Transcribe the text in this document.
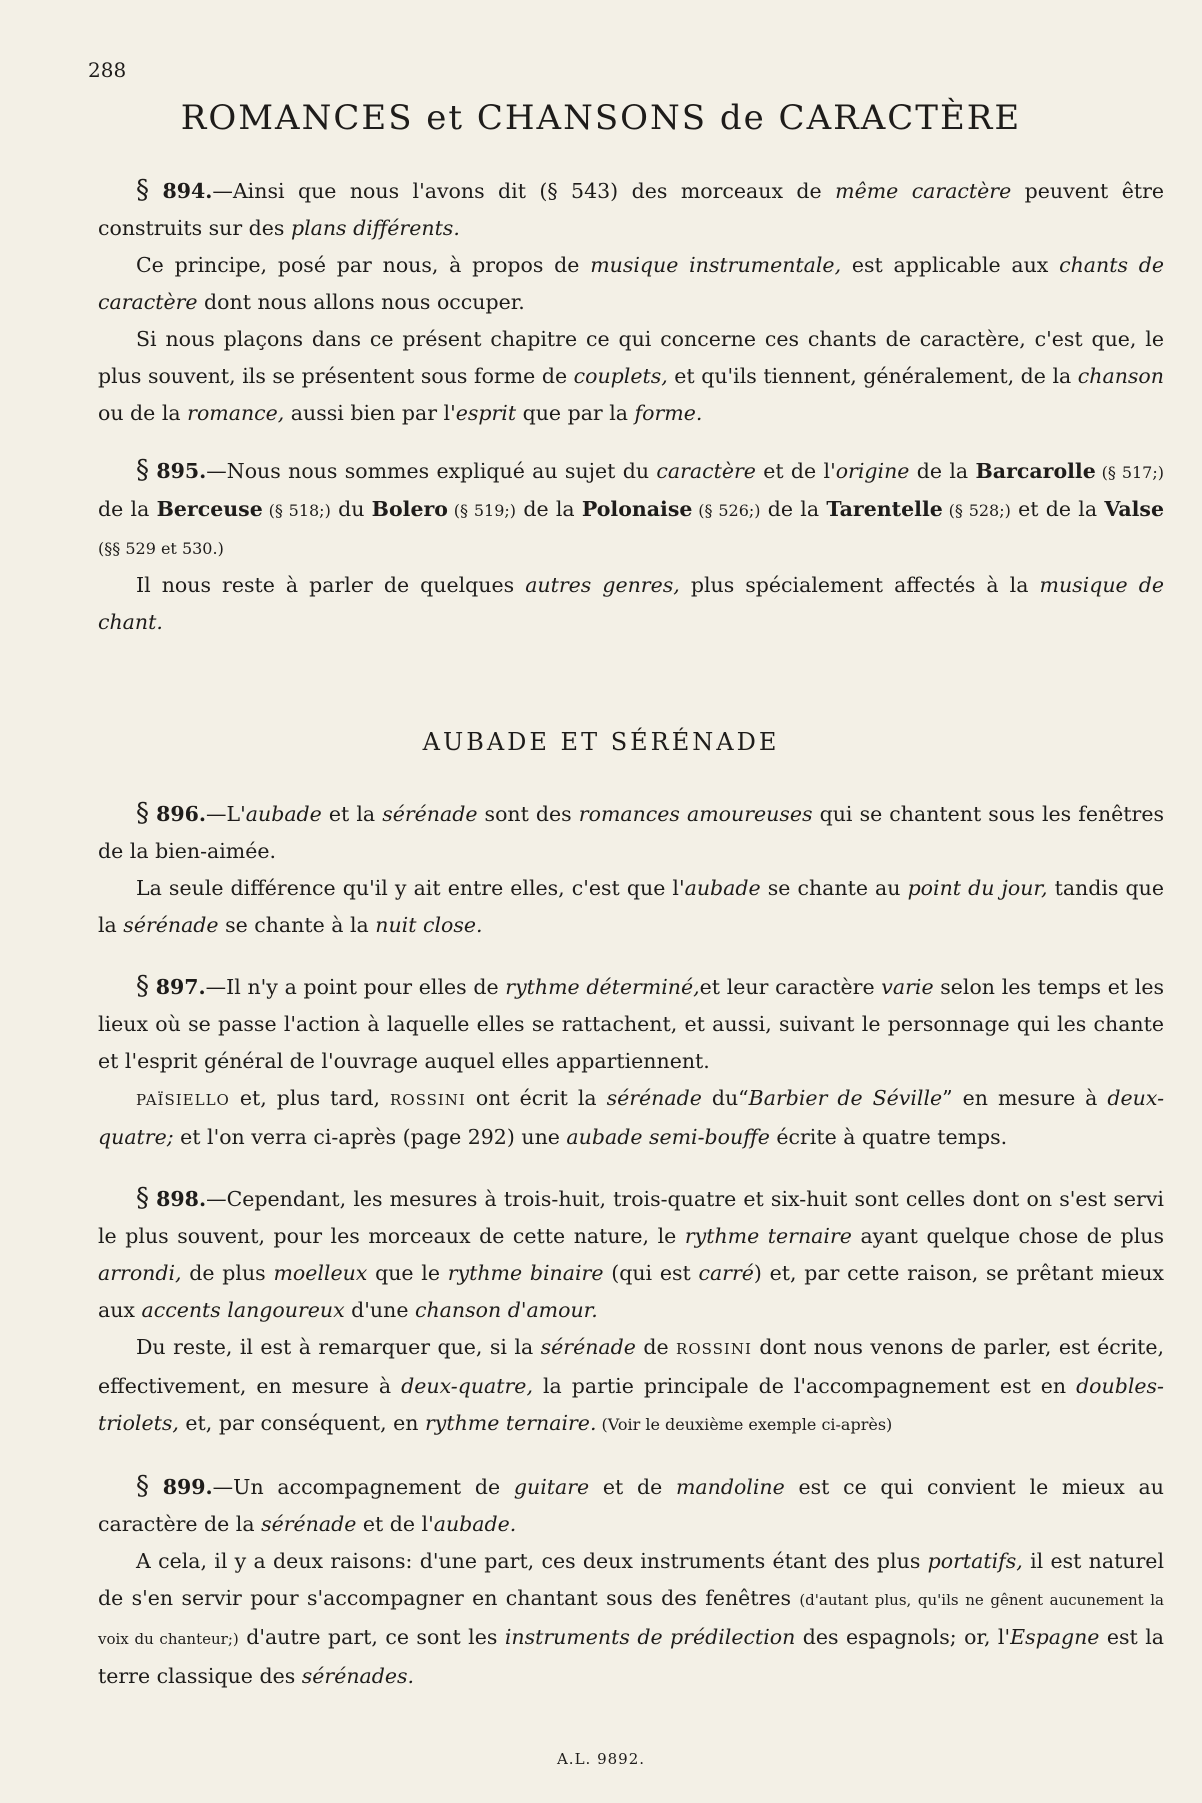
288
ROMANCES et CHANSONS de CARACTÈRE

§ 894.—Ainsi que nous l'avons dit (§ 543) des morceaux de même caractère peuvent être construits sur des plans différents.

Ce principe, posé par nous, à propos de musique instrumentale, est applicable aux chants de caractère dont nous allons nous occuper.

Si nous plaçons dans ce présent chapitre ce qui concerne ces chants de caractère, c'est que, le plus souvent, ils se présentent sous forme de couplets, et qu'ils tiennent, généralement, de la chanson ou de la romance, aussi bien par l'esprit que par la forme.

§ 895.—Nous nous sommes expliqué au sujet du caractère et de l'origine de la Barcarolle (§ 517;) de la Berceuse (§ 518;) du Bolero (§ 519;) de la Polonaise (§ 526;) de la Tarentelle (§ 528;) et de la Valse (§§ 529 et 530.)

Il nous reste à parler de quelques autres genres, plus spécialement affectés à la musique de chant.

AUBADE ET SÉRÉNADE

§ 896.—L'aubade et la sérénade sont des romances amoureuses qui se chantent sous les fenêtres de la bien-aimée.

La seule différence qu'il y ait entre elles, c'est que l'aubade se chante au point du jour, tandis que la sérénade se chante à la nuit close.

§ 897.—Il n'y a point pour elles de rythme déterminé,et leur caractère varie selon les temps et les lieux où se passe l'action à laquelle elles se rattachent, et aussi, suivant le personnage qui les chante et l'esprit général de l'ouvrage auquel elles appartiennent.

PAÏSIELLO et, plus tard, ROSSINI ont écrit la sérénade du“Barbier de Séville” en mesure à deux-quatre; et l'on verra ci-après (page 292) une aubade semi-bouffe écrite à quatre temps.

§ 898.—Cependant, les mesures à trois-huit, trois-quatre et six-huit sont celles dont on s'est servi le plus souvent, pour les morceaux de cette nature, le rythme ternaire ayant quelque chose de plus arrondi, de plus moelleux que le rythme binaire (qui est carré) et, par cette raison, se prêtant mieux aux accents langoureux d'une chanson d'amour.

Du reste, il est à remarquer que, si la sérénade de ROSSINI dont nous venons de parler, est écrite, effectivement, en mesure à deux-quatre, la partie principale de l'accompagnement est en doubles-triolets, et, par conséquent, en rythme ternaire. (Voir le deuxième exemple ci-après)

§ 899.—Un accompagnement de guitare et de mandoline est ce qui convient le mieux au caractère de la sérénade et de l'aubade.

A cela, il y a deux raisons: d'une part, ces deux instruments étant des plus portatifs, il est naturel de s'en servir pour s'accompagner en chantant sous des fenêtres (d'autant plus, qu'ils ne gênent aucunement la voix du chanteur;) d'autre part, ce sont les instruments de prédilection des espagnols; or, l'Espagne est la terre classique des sérénades.

A.L. 9892.
